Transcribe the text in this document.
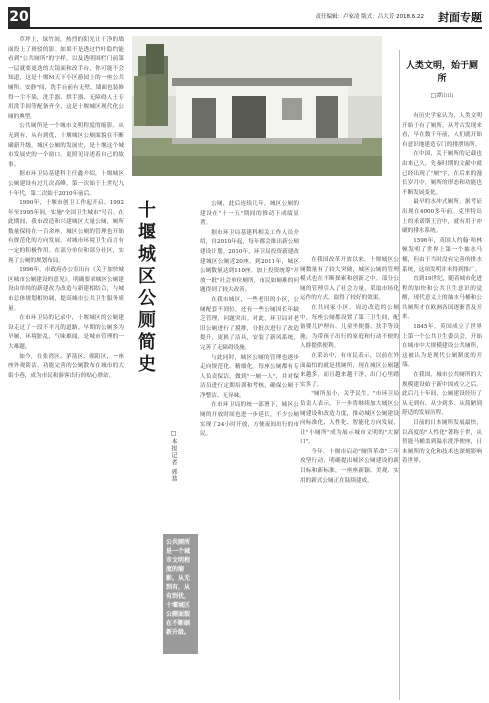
20	责任编辑：卢家凌 版式：吕大芳 2018.6.22 封面专题

草坪上，绿竹间，热烈的阳光让千净的墙面投上了斑驳的影。如果不是透过竹叶隐约能看到"公共厕所"的字样，以及透明围栏门前第一层就要更迭的大镜面和改手台，你可能不会知道，这是十堰M天下小区游园上的一座公共厕所。安静"间，洗手台前有无壁、墙面也装修得一尘不染，洗手器、烘手器、无障碍人士专用洗手间等配备齐全，这是十堰城区现代化公厕的典型。

公共厕所是一个城市文明程度的缩影。从无到有，从有到优，十堰城区公厕面貌在不断刷新升级。城区公厕的发展史，是十堰这个城市发展史的一个窗口，更照见诗述着自己的故事。

据市环卫局基建科主任鑫介绍，十堰城区公厕建设有过几次高峰，第一次始于上世纪九十年代，第二次始于2010年前后。

1990年，十堰市创卫工作起开启。1992年至1995年间，实施"全国卫生城市"号召。在此期间，我市改造和兴建城区大量公厕，厕所数量保持在一百余座，城区公厕的管理也开始有规范化的方向发展，对城市环境卫生而言有一定的积极作用。在部分单位和部分社区，实现了公厕的规划布局。

1996年，市政府办公室出台《关于加快城区城市公厕建设的意见》。明确要求城区公厕建设由单纯的新建改为改造与新建相结合，与城市总体规划相协调，提高城市公共卫生服务质量。

在市环卫局的记录中，十堰城区的公厕建设走过了一段不平凡的道路。早期的公厕多为旱厕，环境脏乱，气味难闻，是城市管理的一大难题。

如今，在张湾区、茅箭区、郧阳区，一座座外观简洁、功能完善的公厕散布在城市的大街小巷，成为市民和游客出行的贴心驿站。	十堰城区公厕简史
□本报记者 郭恭
公共厕所是一个城市文明程度的缩影。从无到有，从有到优，十堰城区公厕面貌在不断刷新升级。

公厕，此后连续几年，城区公厕的建设在"十一五"期间的推动下成绩显著。

据市环卫局基建科相关工作人员介绍，自2010年起，每年都会推出新公厕建设计划。2010年，环卫局投资新建改建城区公厕近20座，到2011年，城区公厕数量达到110座。加上投资统筹"开放一批"社会单位厕所，市民如厕难的问题得到了较大改善。

在我市城区，一些老旧的小区，公厕配套不到位，还有一些公厕因长年缺乏管理，问题突出。对此，环卫局对老旧公厕进行了摸排，分批次进行了改造提升，更换了洁具，安装了新风系统，完善了无障碍设施。

与此同时，城区公厕的管理也逐步走向规范化、精细化。每座公厕都有专人负责保洁，做到"一厕一人"，并对保洁员进行定期培训和考核，确保公厕干净整洁、无异味。

在市环卫局的统一部署下，城区公厕的开放时间也进一步延长，不少公厕实现了24小时开放，方便夜间出行的市民。

在我国改革开放以来，十堰城区公厕数量有了较大突破，城区公厕的管理模式也在不断探索和创新之中。部分公厕的管理引入了社会力量，采取市场化运作的方式，取得了较好的效果。

在共同家小区、周边改造的公厕中，每座公厕都设置了第三卫生间，配备婴儿护理台、儿童坐便器、扶手等设施，为带孩子出行的家庭和行动不便的人群提供便利。

在采访中，有市民表示，以前在外面最怕的就是找厕所，现在城区公厕越来越多，而且越来越干净，出门心里踏实多了。

"厕所虽小，关乎民生。"市环卫局负责人表示，下一步将继续加大城区公厕建设和改造力度，推动城区公厕建设向标准化、人性化、智能化方向发展，让"小厕所"成为展示城市文明的"大窗口"。

今年，十堰市启动"厕所革命"三年攻坚行动，明确提出城区公厕建设的新目标和新标准，一座座新颖、美观、实用的新式公厕正在陆续建成。

人类文明，始于厕所
□谭山山

有历史学家认为，人类文明开始于有了厕所。从考古发现来看，早在数千年前，人们就开始有意识地建造专门的排泄场所。

在中国，关于厕所的记载也由来已久。先秦时期的文献中就已经出现了"厕"字，在后来的漫长岁月中，厕所的形态和功能也不断发展变化。

最早的水冲式厕所，据考证出现在4000多年前。克里特岛上的米诺斯王宫中，就有用于冲刷的排水系统。

1596年，英国人约翰·哈林顿发明了世界上第一个抽水马桶，但由于当时没有完善的排水系统，这项发明并未得到推广。

直到19世纪，随着城市化进程的加快和公共卫生意识的觉醒，现代意义上的抽水马桶和公共厕所才在欧洲各国逐渐普及开来。

1845年，英国成立了世界上第一个公共卫生委员会，开始在城市中大规模建设公共厕所，这被认为是现代公厕制度的开端。

在我国，城市公共厕所的大规模建设始于新中国成立之后。此后几十年间，公厕建设经历了从无到有、从少到多、从简陋到舒适的发展历程。

目前的日本厕所发展最快，以高度的"人性化"著称于世，从智能马桶盖到温水洗净便座，日本厕所的文化和技术也深刻影响着世界。
